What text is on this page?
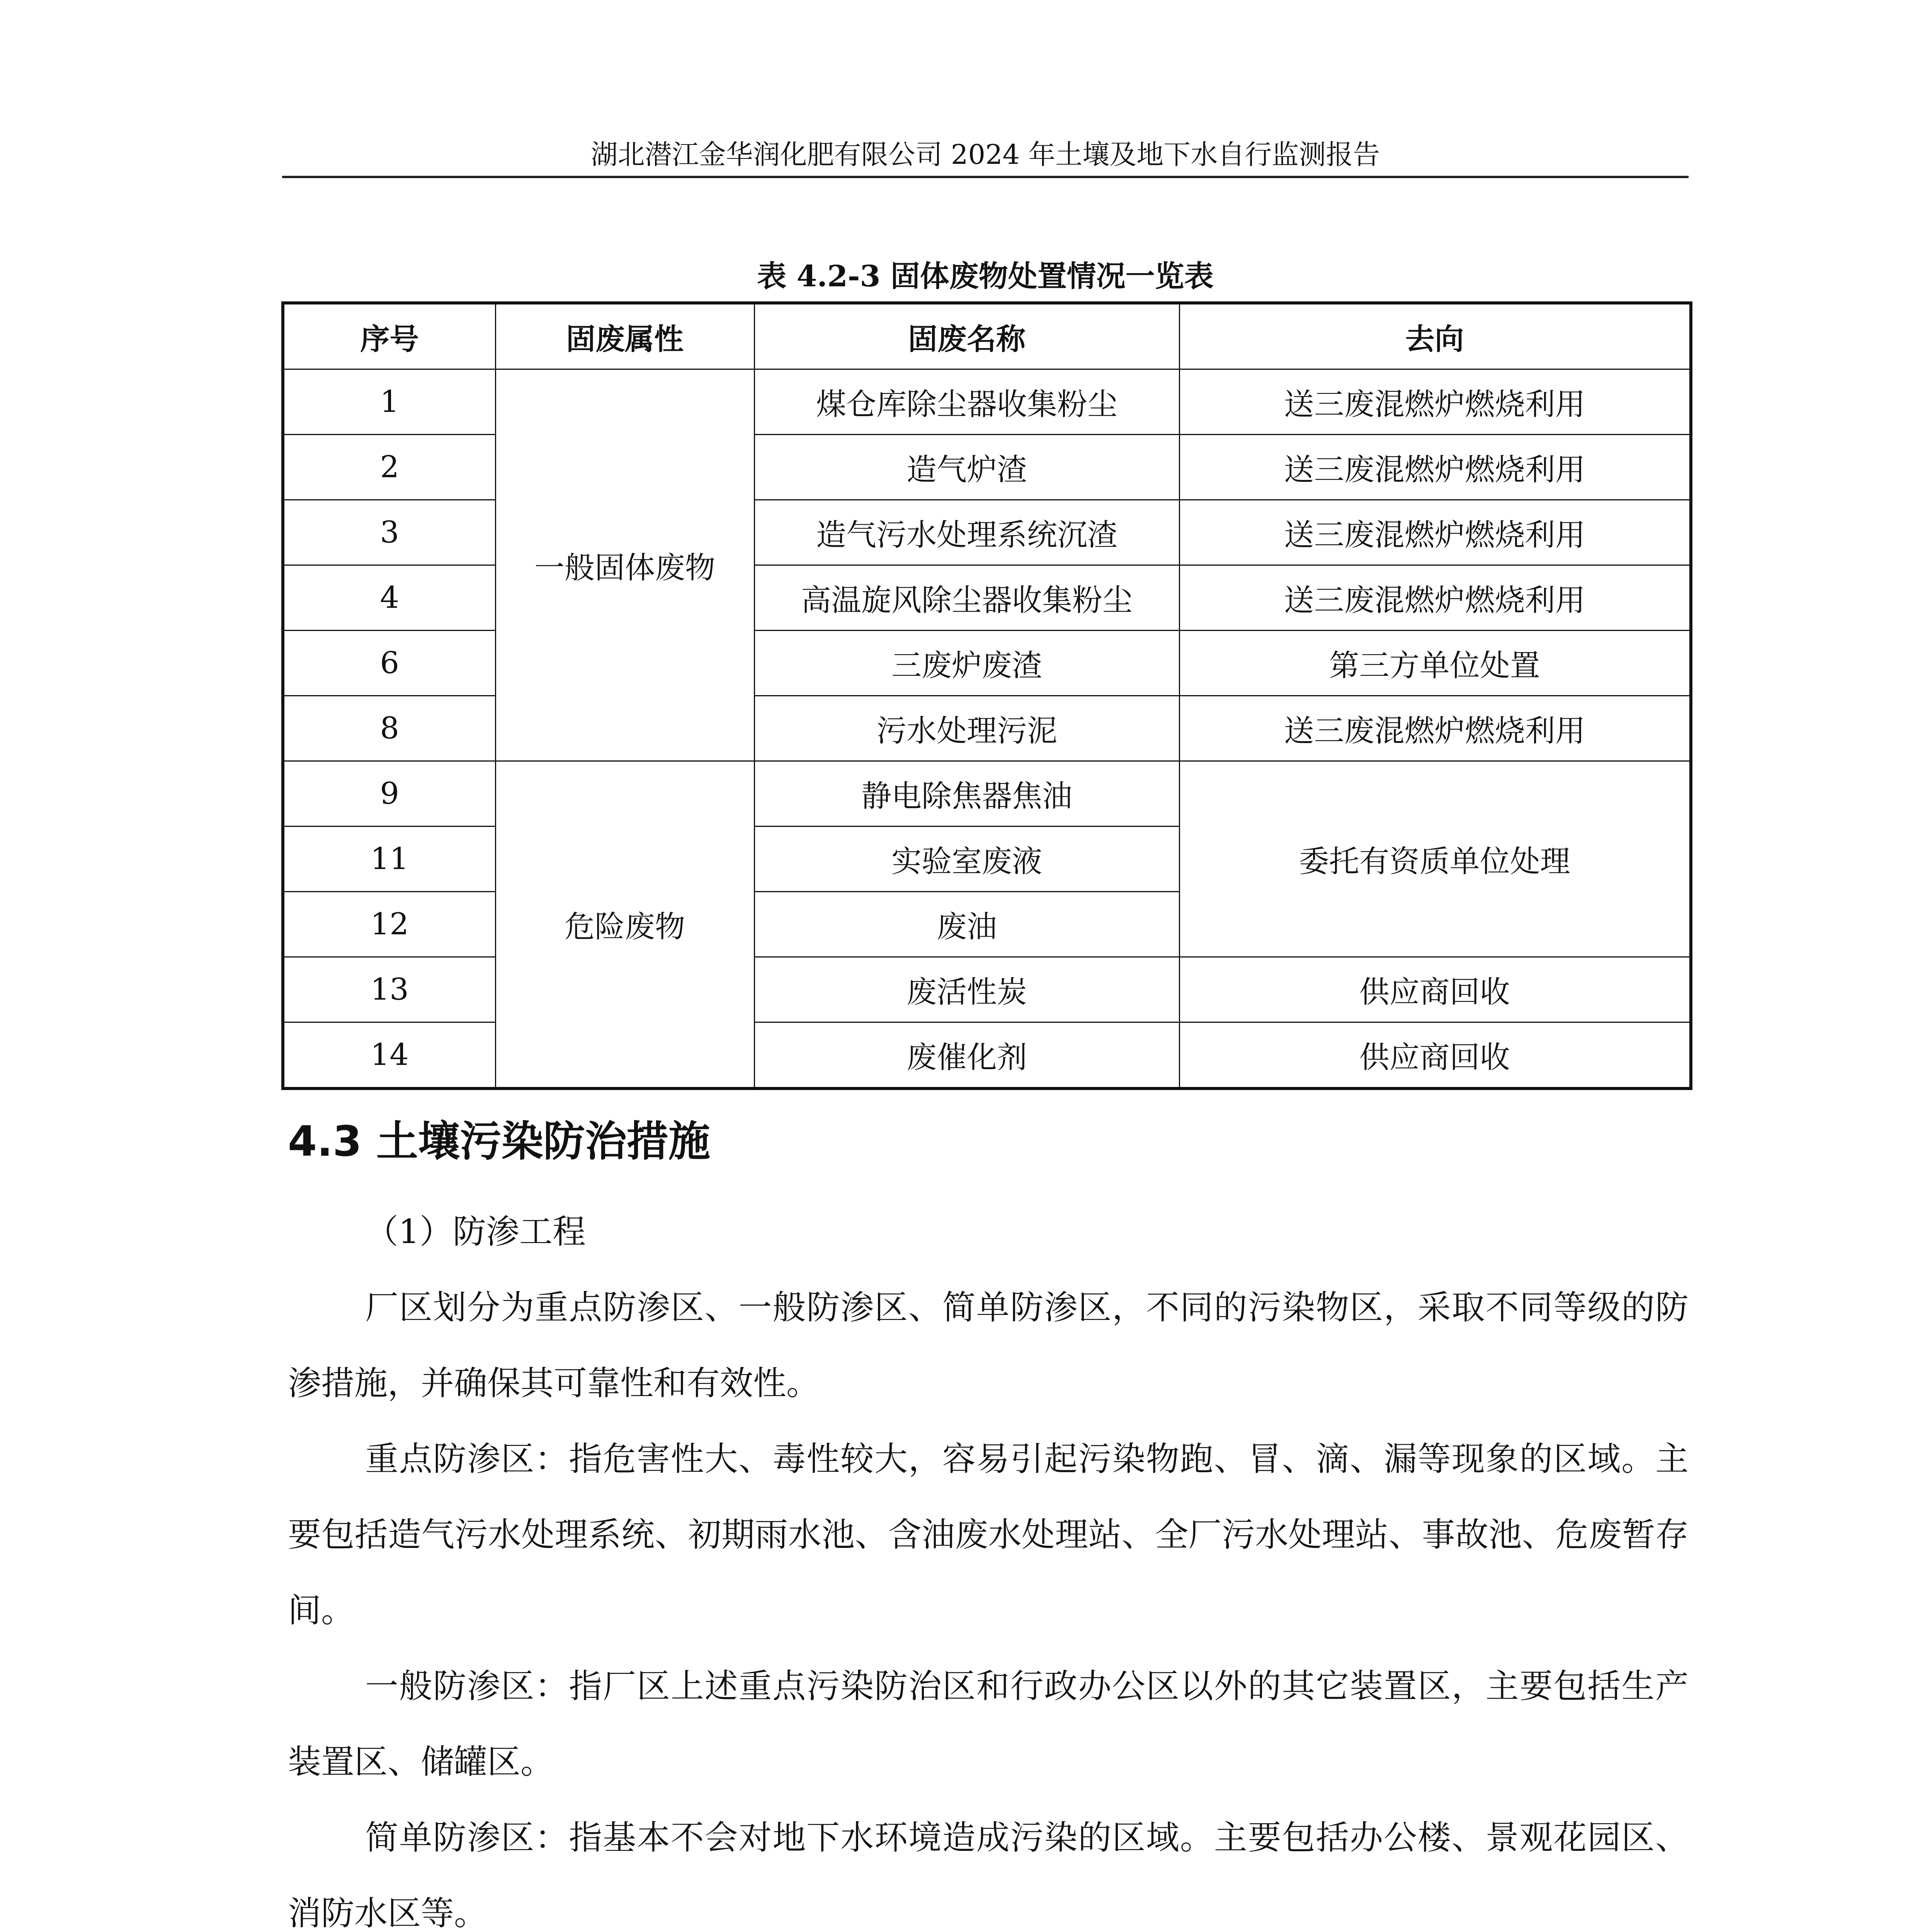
湖北潜江金华润化肥有限公司 2024 年土壤及地下水自行监测报告
表 4.2-3 固体废物处置情况一览表
序号	固废属性	固废名称	去向
1	一般固体废物	煤仓库除尘器收集粉尘	送三废混燃炉燃烧利用
2		造气炉渣	送三废混燃炉燃烧利用
3		造气污水处理系统沉渣	送三废混燃炉燃烧利用
4		高温旋风除尘器收集粉尘	送三废混燃炉燃烧利用
6		三废炉废渣	第三方单位处置
8		污水处理污泥	送三废混燃炉燃烧利用
9	危险废物	静电除焦器焦油	委托有资质单位处理
11		实验室废液	
12		废油	
13		废活性炭	供应商回收
14		废催化剂	供应商回收
4.3 土壤污染防治措施

（1）防渗工程

厂区划分为重点防渗区、一般防渗区、简单防渗区，不同的污染物区，采取不同等级的防渗措施，并确保其可靠性和有效性。

重点防渗区：指危害性大、毒性较大，容易引起污染物跑、冒、滴、漏等现象的区域。主要包括造气污水处理系统、初期雨水池、含油废水处理站、全厂污水处理站、事故池、危废暂存间。

一般防渗区：指厂区上述重点污染防治区和行政办公区以外的其它装置区，主要包括生产装置区、储罐区。

简单防渗区：指基本不会对地下水环境造成污染的区域。主要包括办公楼、景观花园区、消防水区等。
